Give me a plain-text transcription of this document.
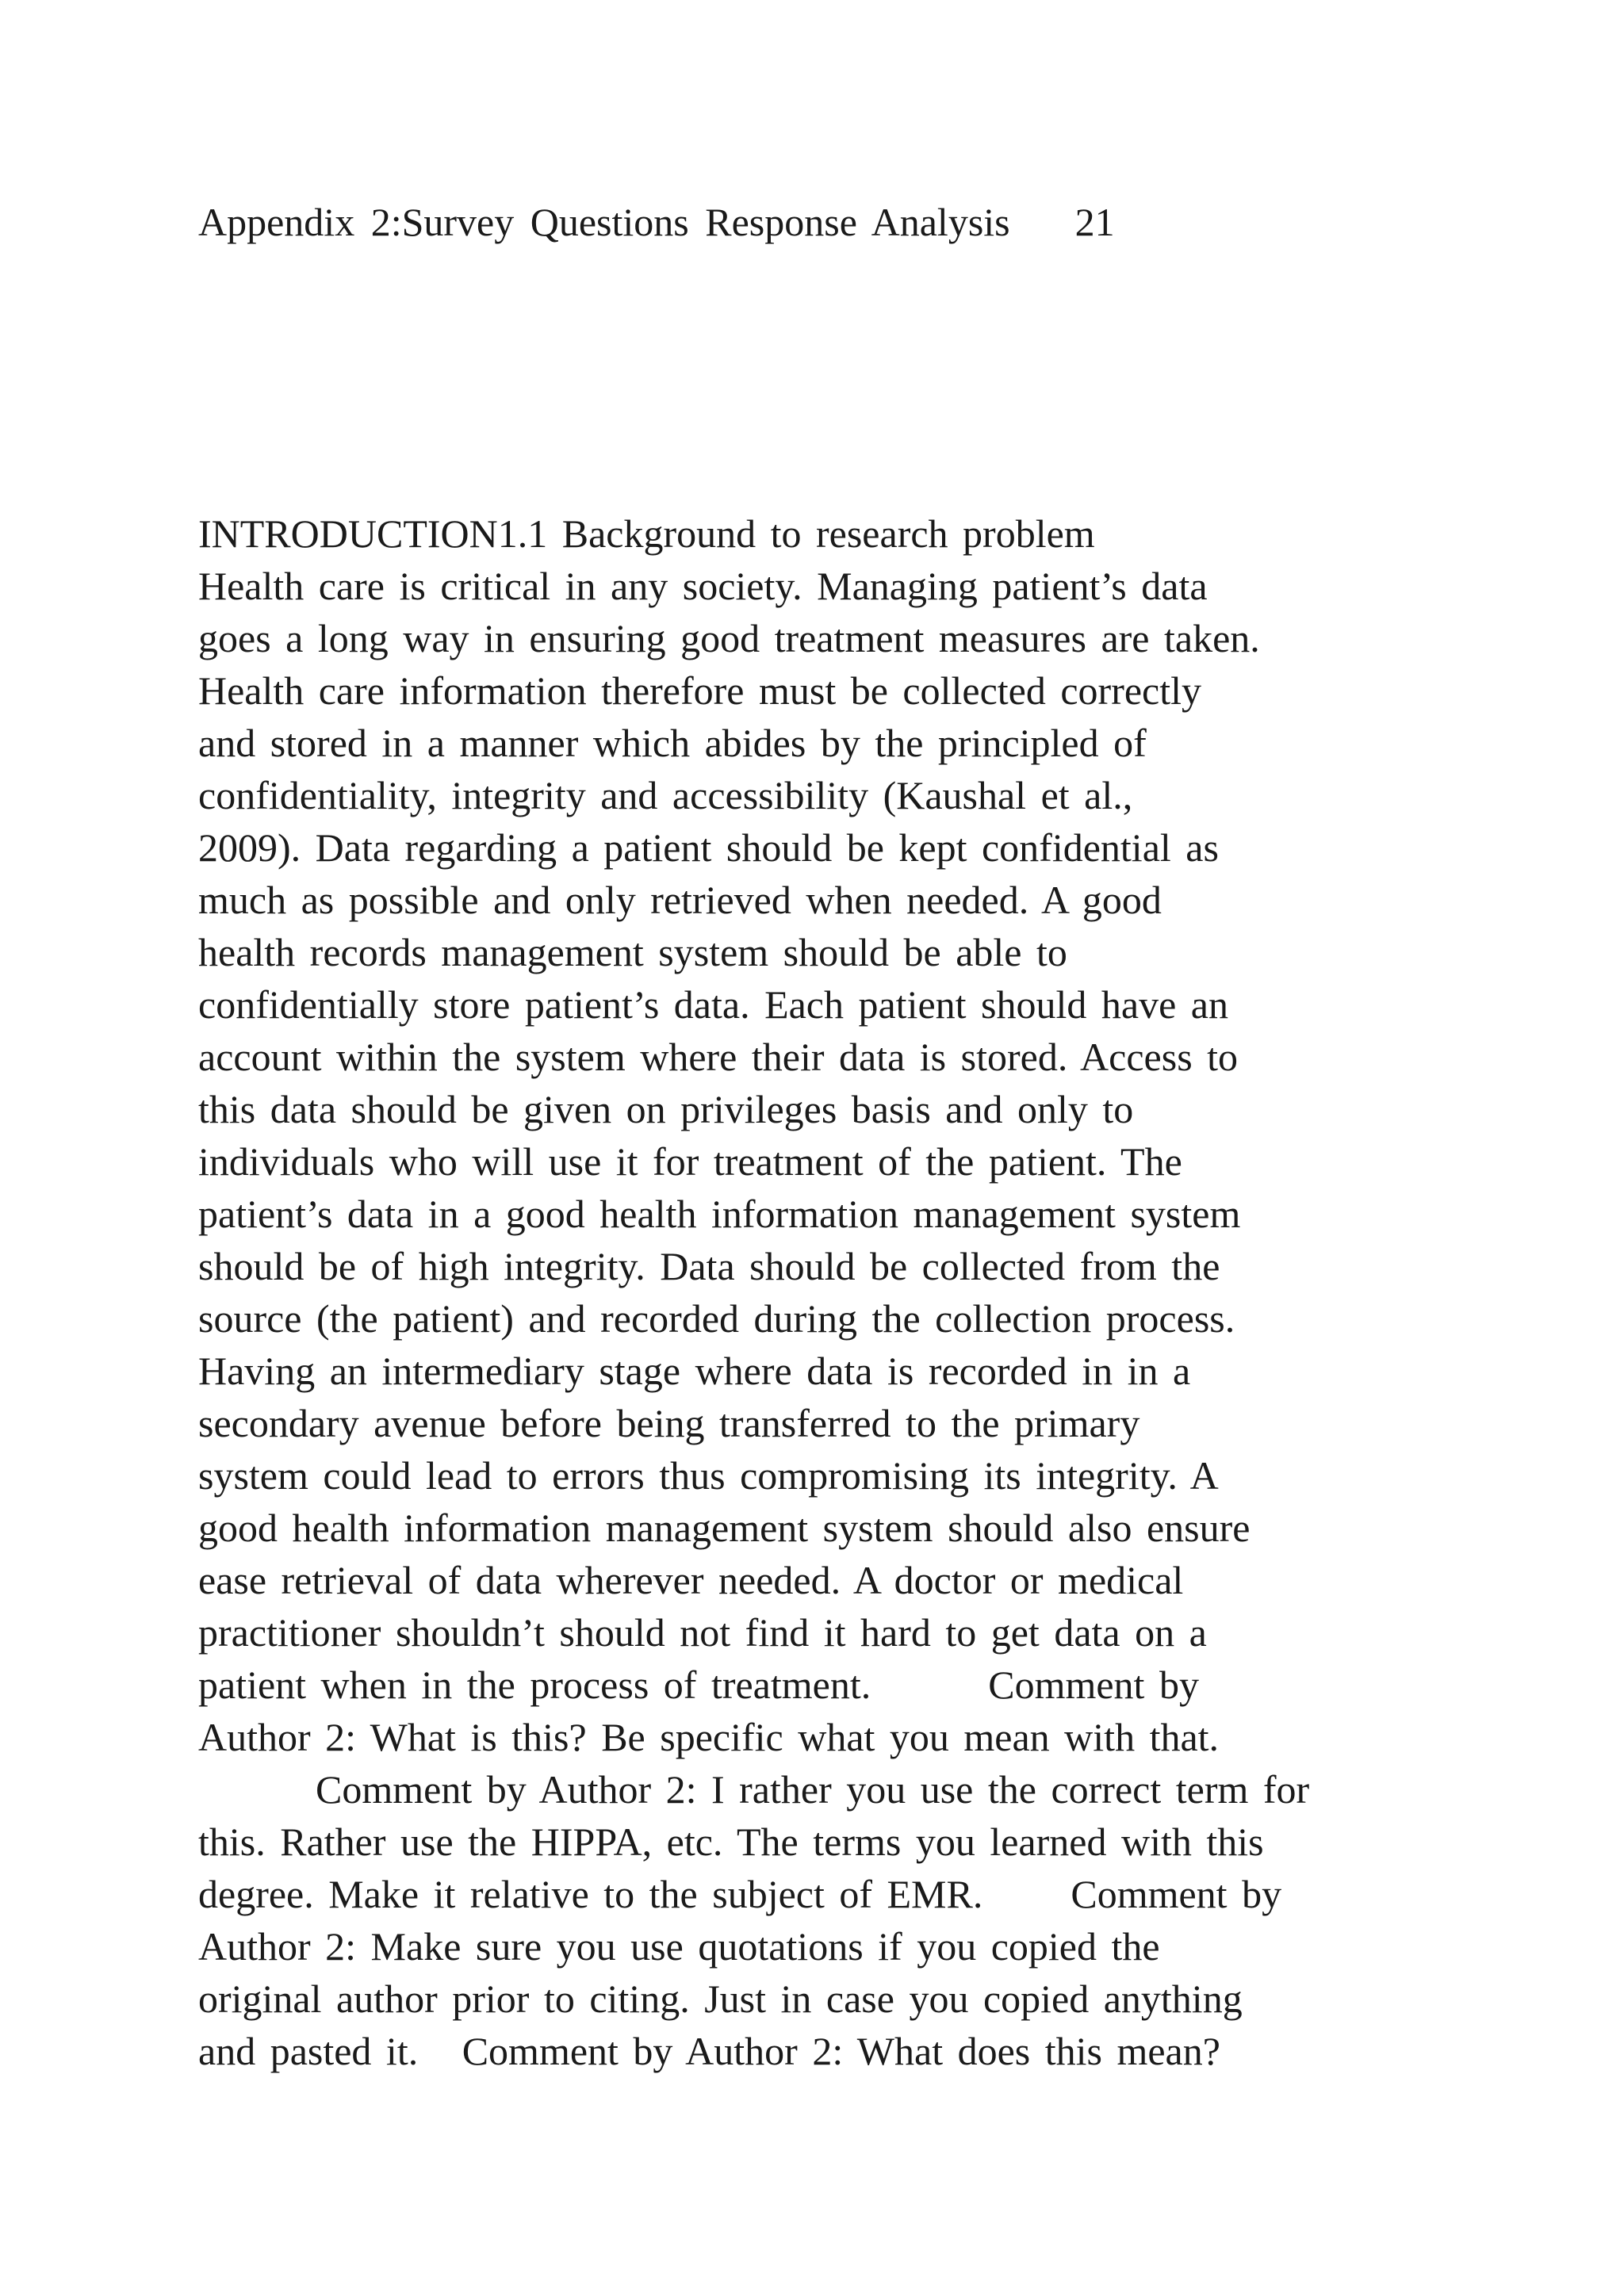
Appendix 2:Survey Questions Response Analysis    21
INTRODUCTION1.1 Background to research problem
Health care is critical in any society. Managing patient’s data
goes a long way in ensuring good treatment measures are taken.
Health care information therefore must be collected correctly
and stored in a manner which abides by the principled of
confidentiality, integrity and accessibility (Kaushal et al.,
2009). Data regarding a patient should be kept confidential as
much as possible and only retrieved when needed. A good
health records management system should be able to
confidentially store patient’s data. Each patient should have an
account within the system where their data is stored. Access to
this data should be given on privileges basis and only to
individuals who will use it for treatment of the patient. The
patient’s data in a good health information management system
should be of high integrity. Data should be collected from the
source (the patient) and recorded during the collection process.
Having an intermediary stage where data is recorded in in a
secondary avenue before being transferred to the primary
system could lead to errors thus compromising its integrity. A
good health information management system should also ensure
ease retrieval of data wherever needed. A doctor or medical
practitioner shouldn’t should not find it hard to get data on a
patient when in the process of treatment.        Comment by
Author 2: What is this? Be specific what you mean with that.
Comment by Author 2: I rather you use the correct term for
this. Rather use the HIPPA, etc. The terms you learned with this
degree. Make it relative to the subject of EMR.      Comment by
Author 2: Make sure you use quotations if you copied the
original author prior to citing. Just in case you copied anything
and pasted it.   Comment by Author 2: What does this mean?
